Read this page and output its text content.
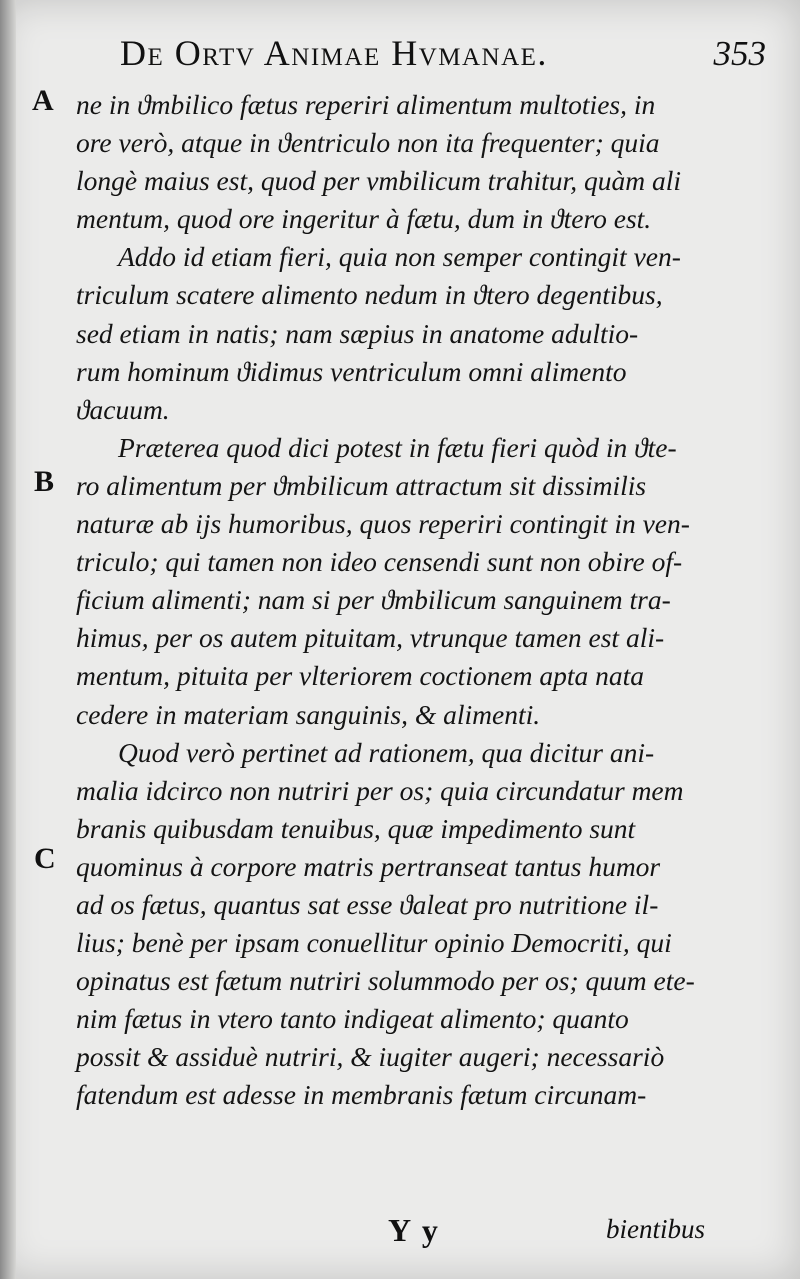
De Ortv Animae Hvmanae.	353
A
B
C
ne in ϑmbilico fætus reperiri alimentum multoties, in
ore verò, atque in ϑentriculo non ita frequenter; quia
longè maius est, quod per vmbilicum trahitur, quàm ali
mentum, quod ore ingeritur à fætu, dum in ϑtero est.
Addo id etiam fieri, quia non semper contingit ven-
triculum scatere alimento nedum in ϑtero degentibus,
sed etiam in natis; nam sæpius in anatome adultio-
rum hominum ϑidimus ventriculum omni alimento
ϑacuum.
Præterea quod dici potest in fætu fieri quòd in ϑte-
ro alimentum per ϑmbilicum attractum sit dissimilis
naturæ ab ijs humoribus, quos reperiri contingit in ven-
triculo; qui tamen non ideo censendi sunt non obire of-
ficium alimenti; nam si per ϑmbilicum sanguinem tra-
himus, per os autem pituitam, vtrunque tamen est ali-
mentum, pituita per vlteriorem coctionem apta nata
cedere in materiam sanguinis, & alimenti.
Quod verò pertinet ad rationem, qua dicitur ani-
malia idcirco non nutriri per os; quia circundatur mem
branis quibusdam tenuibus, quæ impedimento sunt
quominus à corpore matris pertranseat tantus humor
ad os fætus, quantus sat esse ϑaleat pro nutritione il-
lius; benè per ipsam conuellitur opinio Democriti, qui
opinatus est fætum nutriri solummodo per os; quum ete-
nim fætus in vtero tanto indigeat alimento; quanto
possit & assiduè nutriri, & iugiter augeri; necessariò
fatendum est adesse in membranis fætum circunam-
Y y	bientibus
